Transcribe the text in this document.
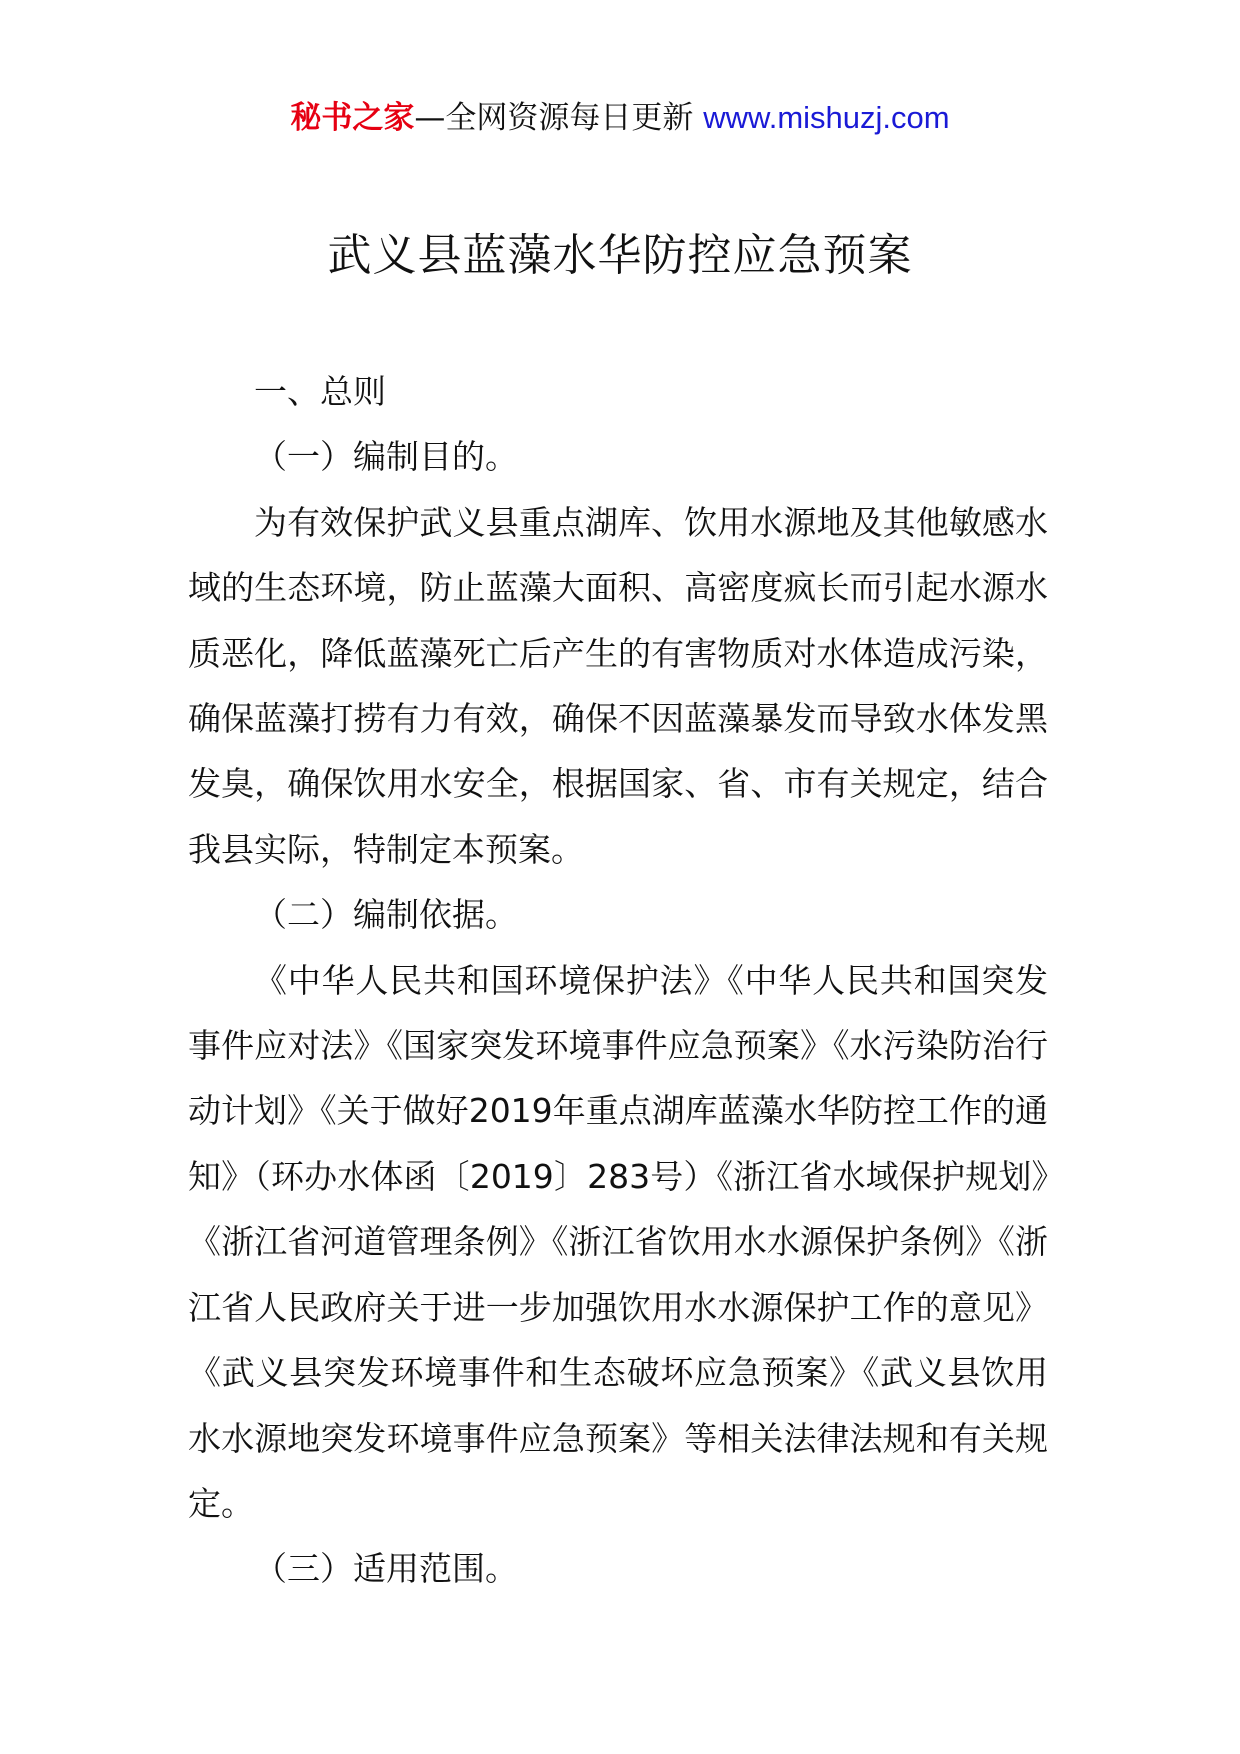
秘书之家—全网资源每日更新 www.mishuzj.com
武义县蓝藻水华防控应急预案

一、总则

（一）编制目的。

为有效保护武义县重点湖库、饮用水源地及其他敏感水域的生态环境，防止蓝藻大面积、高密度疯长而引起水源水质恶化，降低蓝藻死亡后产生的有害物质对水体造成污染，确保蓝藻打捞有力有效，确保不因蓝藻暴发而导致水体发黑发臭，确保饮用水安全，根据国家、省、市有关规定，结合我县实际，特制定本预案。

（二）编制依据。

《中华人民共和国环境保护法》《中华人民共和国突发事件应对法》《国家突发环境事件应急预案》《水污染防治行动计划》《关于做好2019年重点湖库蓝藻水华防控工作的通知》（环办水体函〔2019〕283号）《浙江省水域保护规划》《浙江省河道管理条例》《浙江省饮用水水源保护条例》《浙江省人民政府关于进一步加强饮用水水源保护工作的意见》《武义县突发环境事件和生态破坏应急预案》《武义县饮用水水源地突发环境事件应急预案》等相关法律法规和有关规定。

（三）适用范围。
